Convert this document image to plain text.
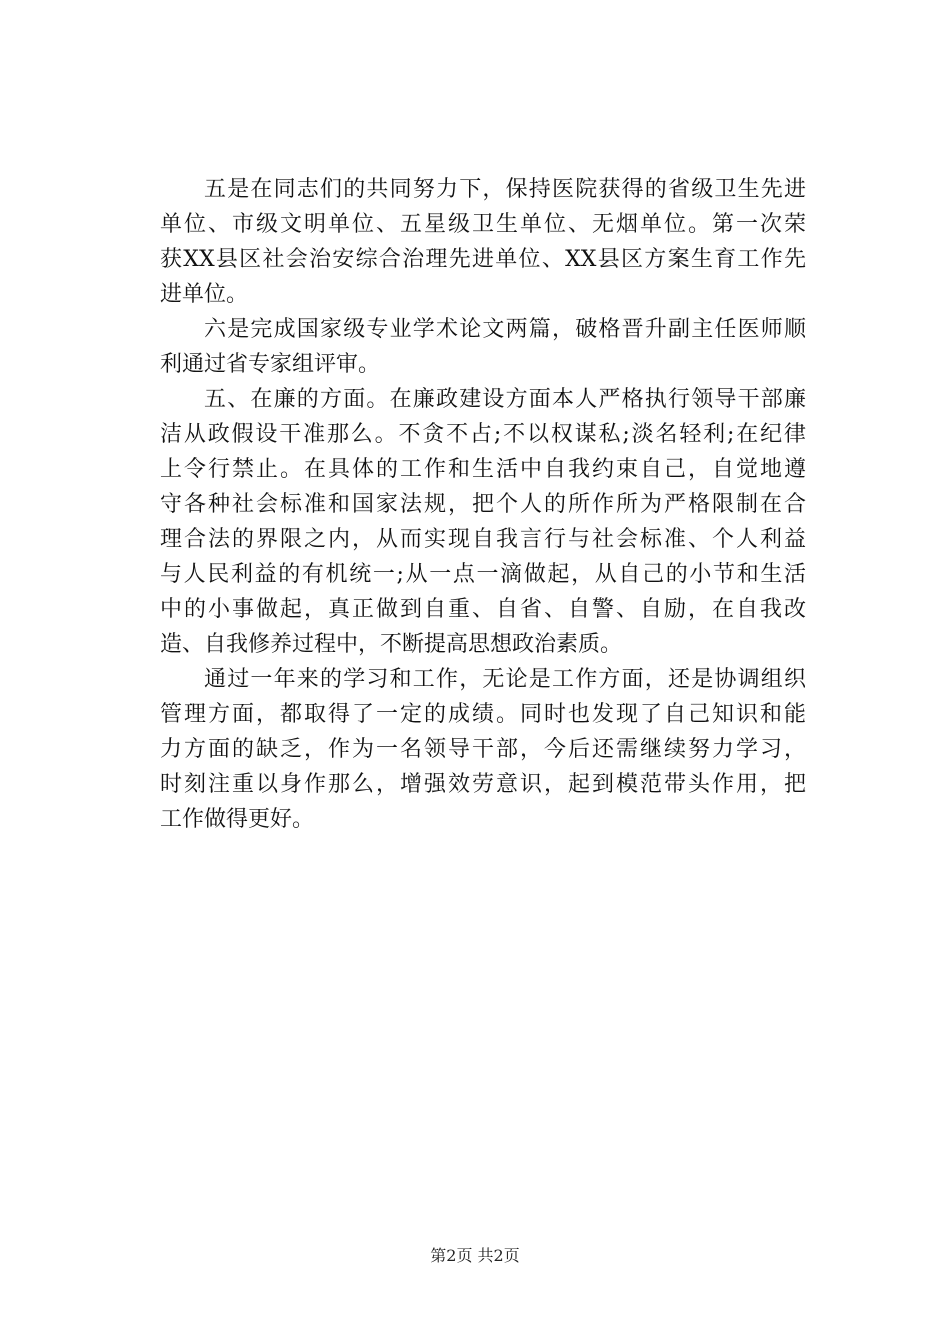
五是在同志们的共同努力下，保持医院获得的省级卫生先进
单位、市级文明单位、五星级卫生单位、无烟单位。第一次荣
获XX县区社会治安综合治理先进单位、XX县区方案生育工作先
进单位。
六是完成国家级专业学术论文两篇，破格晋升副主任医师顺
利通过省专家组评审。
五、在廉的方面。在廉政建设方面本人严格执行领导干部廉
洁从政假设干准那么。不贪不占;不以权谋私;淡名轻利;在纪律
上令行禁止。在具体的工作和生活中自我约束自己，自觉地遵
守各种社会标准和国家法规，把个人的所作所为严格限制在合
理合法的界限之内，从而实现自我言行与社会标准、个人利益
与人民利益的有机统一;从一点一滴做起，从自己的小节和生活
中的小事做起，真正做到自重、自省、自警、自励，在自我改
造、自我修养过程中，不断提高思想政治素质。
通过一年来的学习和工作，无论是工作方面，还是协调组织
管理方面，都取得了一定的成绩。同时也发现了自己知识和能
力方面的缺乏，作为一名领导干部，今后还需继续努力学习，
时刻注重以身作那么，增强效劳意识，起到模范带头作用，把
工作做得更好。
第2页 共2页
